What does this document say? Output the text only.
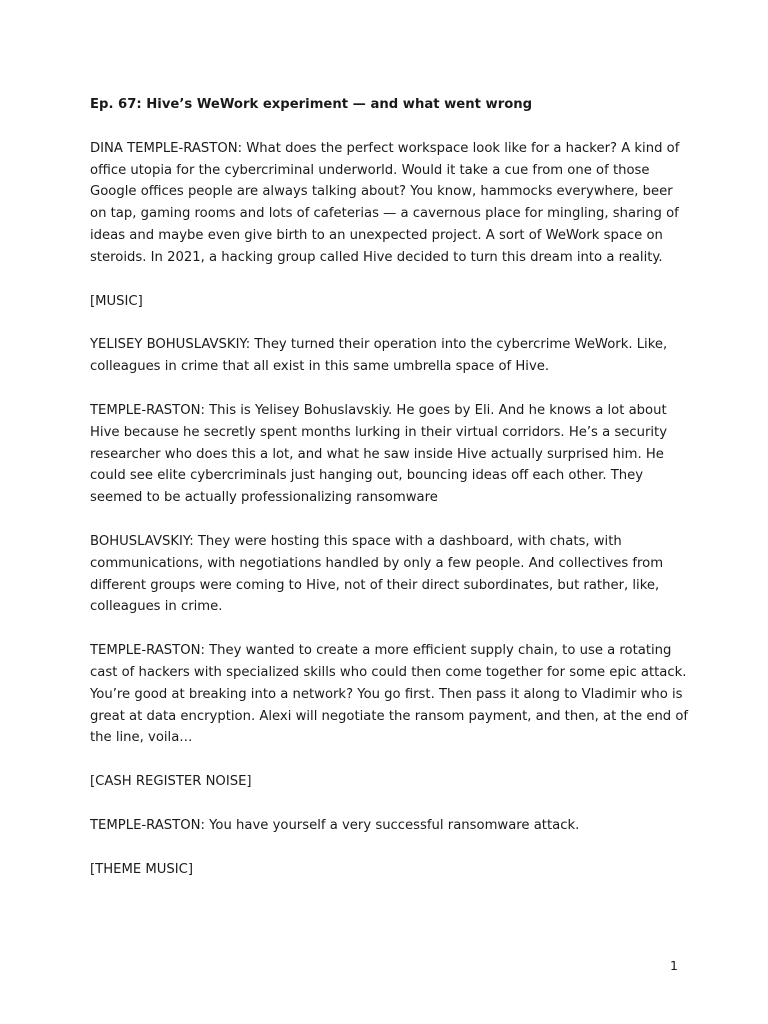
Ep. 67: Hive’s WeWork experiment — and what went wrong

DINA TEMPLE-RASTON: What does the perfect workspace look like for a hacker? A kind of office utopia for the cybercriminal underworld. Would it take a cue from one of those Google offices people are always talking about? You know, hammocks everywhere, beer on tap, gaming rooms and lots of cafeterias — a cavernous place for mingling, sharing of ideas and maybe even give birth to an unexpected project. A sort of WeWork space on steroids. In 2021, a hacking group called Hive decided to turn this dream into a reality.

[MUSIC]

YELISEY BOHUSLAVSKIY: They turned their operation into the cybercrime WeWork. Like, colleagues in crime that all exist in this same umbrella space of Hive.

TEMPLE-RASTON: This is Yelisey Bohuslavskiy. He goes by Eli. And he knows a lot about Hive because he secretly spent months lurking in their virtual corridors. He’s a security researcher who does this a lot, and what he saw inside Hive actually surprised him. He could see elite cybercriminals just hanging out, bouncing ideas off each other. They seemed to be actually professionalizing ransomware

BOHUSLAVSKIY: They were hosting this space with a dashboard, with chats, with communications, with negotiations handled by only a few people. And collectives from different groups were coming to Hive, not of their direct subordinates, but rather, like, colleagues in crime.

TEMPLE-RASTON: They wanted to create a more efficient supply chain, to use a rotating cast of hackers with specialized skills who could then come together for some epic attack. You’re good at breaking into a network? You go first. Then pass it along to Vladimir who is great at data encryption. Alexi will negotiate the ransom payment, and then, at the end of the line, voila…

[CASH REGISTER NOISE]

TEMPLE-RASTON: You have yourself a very successful ransomware attack.

[THEME MUSIC]

1
